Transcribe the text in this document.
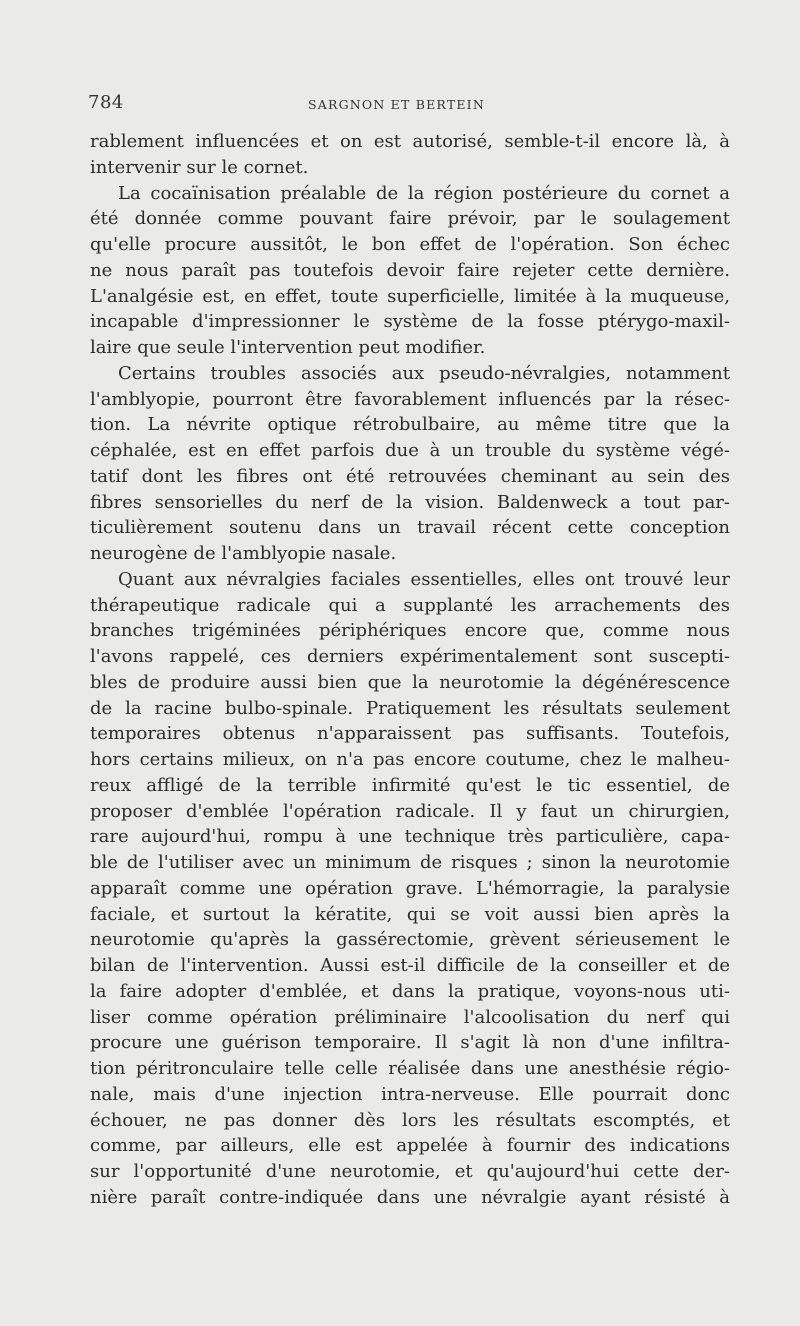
784	SARGNON ET BERTEIN
rablement influencées et on est autorisé, semble-t-il encore là, à
intervenir sur le cornet.
La cocaïnisation préalable de la région postérieure du cornet a
été donnée comme pouvant faire prévoir, par le soulagement
qu'elle procure aussitôt, le bon effet de l'opération. Son échec
ne nous paraît pas toutefois devoir faire rejeter cette dernière.
L'analgésie est, en effet, toute superficielle, limitée à la muqueuse,
incapable d'impressionner le système de la fosse ptérygo-maxil-
laire que seule l'intervention peut modifier.
Certains troubles associés aux pseudo-névralgies, notamment
l'amblyopie, pourront être favorablement influencés par la résec-
tion. La névrite optique rétrobulbaire, au même titre que la
céphalée, est en effet parfois due à un trouble du système végé-
tatif dont les fibres ont été retrouvées cheminant au sein des
fibres sensorielles du nerf de la vision. Baldenweck a tout par-
ticulièrement soutenu dans un travail récent cette conception
neurogène de l'amblyopie nasale.
Quant aux névralgies faciales essentielles, elles ont trouvé leur
thérapeutique radicale qui a supplanté les arrachements des
branches trigéminées périphériques encore que, comme nous
l'avons rappelé, ces derniers expérimentalement sont suscepti-
bles de produire aussi bien que la neurotomie la dégénérescence
de la racine bulbo-spinale. Pratiquement les résultats seulement
temporaires obtenus n'apparaissent pas suffisants. Toutefois,
hors certains milieux, on n'a pas encore coutume, chez le malheu-
reux affligé de la terrible infirmité qu'est le tic essentiel, de
proposer d'emblée l'opération radicale. Il y faut un chirurgien,
rare aujourd'hui, rompu à une technique très particulière, capa-
ble de l'utiliser avec un minimum de risques ; sinon la neurotomie
apparaît comme une opération grave. L'hémorragie, la paralysie
faciale, et surtout la kératite, qui se voit aussi bien après la
neurotomie qu'après la gassérectomie, grèvent sérieusement le
bilan de l'intervention. Aussi est-il difficile de la conseiller et de
la faire adopter d'emblée, et dans la pratique, voyons-nous uti-
liser comme opération préliminaire l'alcoolisation du nerf qui
procure une guérison temporaire. Il s'agit là non d'une infiltra-
tion péritronculaire telle celle réalisée dans une anesthésie régio-
nale, mais d'une injection intra-nerveuse. Elle pourrait donc
échouer, ne pas donner dès lors les résultats escomptés, et
comme, par ailleurs, elle est appelée à fournir des indications
sur l'opportunité d'une neurotomie, et qu'aujourd'hui cette der-
nière paraît contre-indiquée dans une névralgie ayant résisté à
